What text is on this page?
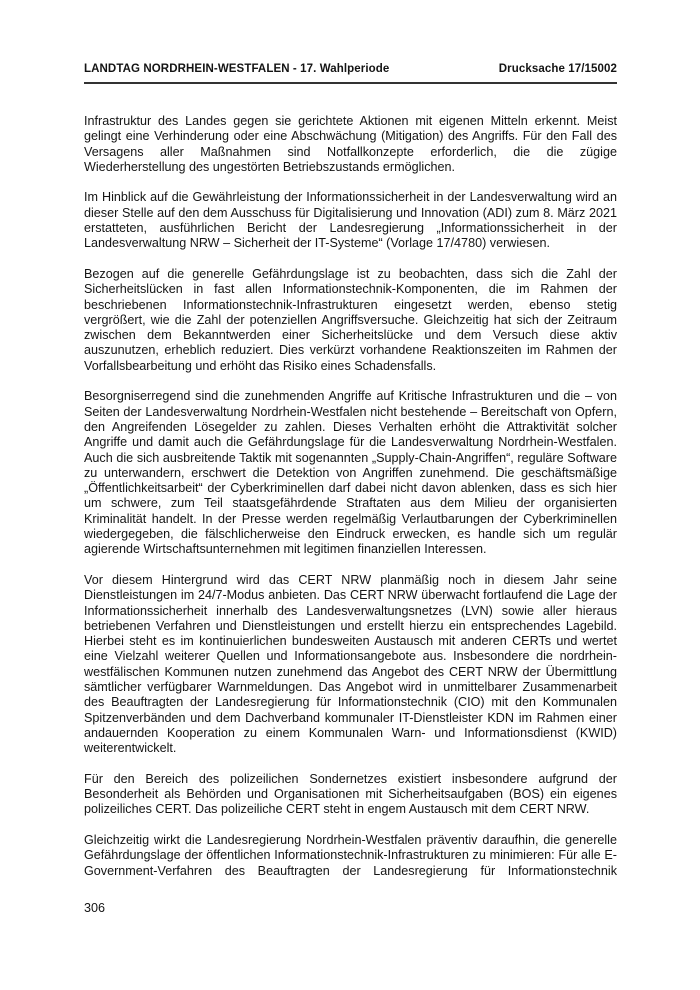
LANDTAG NORDRHEIN-WESTFALEN - 17. Wahlperiode	Drucksache 17/15002

Infrastruktur des Landes gegen sie gerichtete Aktionen mit eigenen Mitteln erkennt. Meist gelingt eine Verhinderung oder eine Abschwächung (Mitigation) des Angriffs. Für den Fall des Versagens aller Maßnahmen sind Notfallkonzepte erforderlich, die die zügige Wiederherstellung des ungestörten Betriebszustands ermöglichen.

Im Hinblick auf die Gewährleistung der Informationssicherheit in der Landesverwaltung wird an dieser Stelle auf den dem Ausschuss für Digitalisierung und Innovation (ADI) zum 8. März 2021 erstatteten, ausführlichen Bericht der Landesregierung „Informationssicherheit in der Landesverwaltung NRW – Sicherheit der IT-Systeme“ (Vorlage 17/4780) verwiesen.

Bezogen auf die generelle Gefährdungslage ist zu beobachten, dass sich die Zahl der Sicherheitslücken in fast allen Informationstechnik-Komponenten, die im Rahmen der beschriebenen Informationstechnik-Infrastrukturen eingesetzt werden, ebenso stetig vergrößert, wie die Zahl der potenziellen Angriffsversuche. Gleichzeitig hat sich der Zeitraum zwischen dem Bekanntwerden einer Sicherheitslücke und dem Versuch diese aktiv auszunutzen, erheblich reduziert. Dies verkürzt vorhandene Reaktionszeiten im Rahmen der Vorfallsbearbeitung und erhöht das Risiko eines Schadensfalls.

Besorgniserregend sind die zunehmenden Angriffe auf Kritische Infrastrukturen und die – von Seiten der Landesverwaltung Nordrhein-Westfalen nicht bestehende – Bereitschaft von Opfern, den Angreifenden Lösegelder zu zahlen. Dieses Verhalten erhöht die Attraktivität solcher Angriffe und damit auch die Gefährdungslage für die Landesverwaltung Nordrhein-Westfalen. Auch die sich ausbreitende Taktik mit sogenannten „Supply-Chain-Angriffen“, reguläre Software zu unterwandern, erschwert die Detektion von Angriffen zunehmend. Die geschäftsmäßige „Öffentlichkeitsarbeit“ der Cyberkriminellen darf dabei nicht davon ablenken, dass es sich hier um schwere, zum Teil staatsgefährdende Straftaten aus dem Milieu der organisierten Kriminalität handelt. In der Presse werden regelmäßig Verlautbarungen der Cyberkriminellen wiedergegeben, die fälschlicherweise den Eindruck erwecken, es handle sich um regulär agierende Wirtschaftsunternehmen mit legitimen finanziellen Interessen.

Vor diesem Hintergrund wird das CERT NRW planmäßig noch in diesem Jahr seine Dienstleistungen im 24/7-Modus anbieten. Das CERT NRW überwacht fortlaufend die Lage der Informationssicherheit innerhalb des Landesverwaltungsnetzes (LVN) sowie aller hieraus betriebenen Verfahren und Dienstleistungen und erstellt hierzu ein entsprechendes Lagebild. Hierbei steht es im kontinuierlichen bundesweiten Austausch mit anderen CERTs und wertet eine Vielzahl weiterer Quellen und Informationsangebote aus. Insbesondere die nordrhein-westfälischen Kommunen nutzen zunehmend das Angebot des CERT NRW der Übermittlung sämtlicher verfügbarer Warnmeldungen. Das Angebot wird in unmittelbarer Zusammenarbeit des Beauftragten der Landesregierung für Informationstechnik (CIO) mit den Kommunalen Spitzenverbänden und dem Dachverband kommunaler IT-Dienstleister KDN im Rahmen einer andauernden Kooperation zu einem Kommunalen Warn- und Informationsdienst (KWID) weiterentwickelt.

Für den Bereich des polizeilichen Sondernetzes existiert insbesondere aufgrund der Besonderheit als Behörden und Organisationen mit Sicherheitsaufgaben (BOS) ein eigenes polizeiliches CERT. Das polizeiliche CERT steht in engem Austausch mit dem CERT NRW.

Gleichzeitig wirkt die Landesregierung Nordrhein-Westfalen präventiv daraufhin, die generelle Gefährdungslage der öffentlichen Informationstechnik-Infrastrukturen zu minimieren: Für alle E-Government-Verfahren des Beauftragten der Landesregierung für Informationstechnik

306
